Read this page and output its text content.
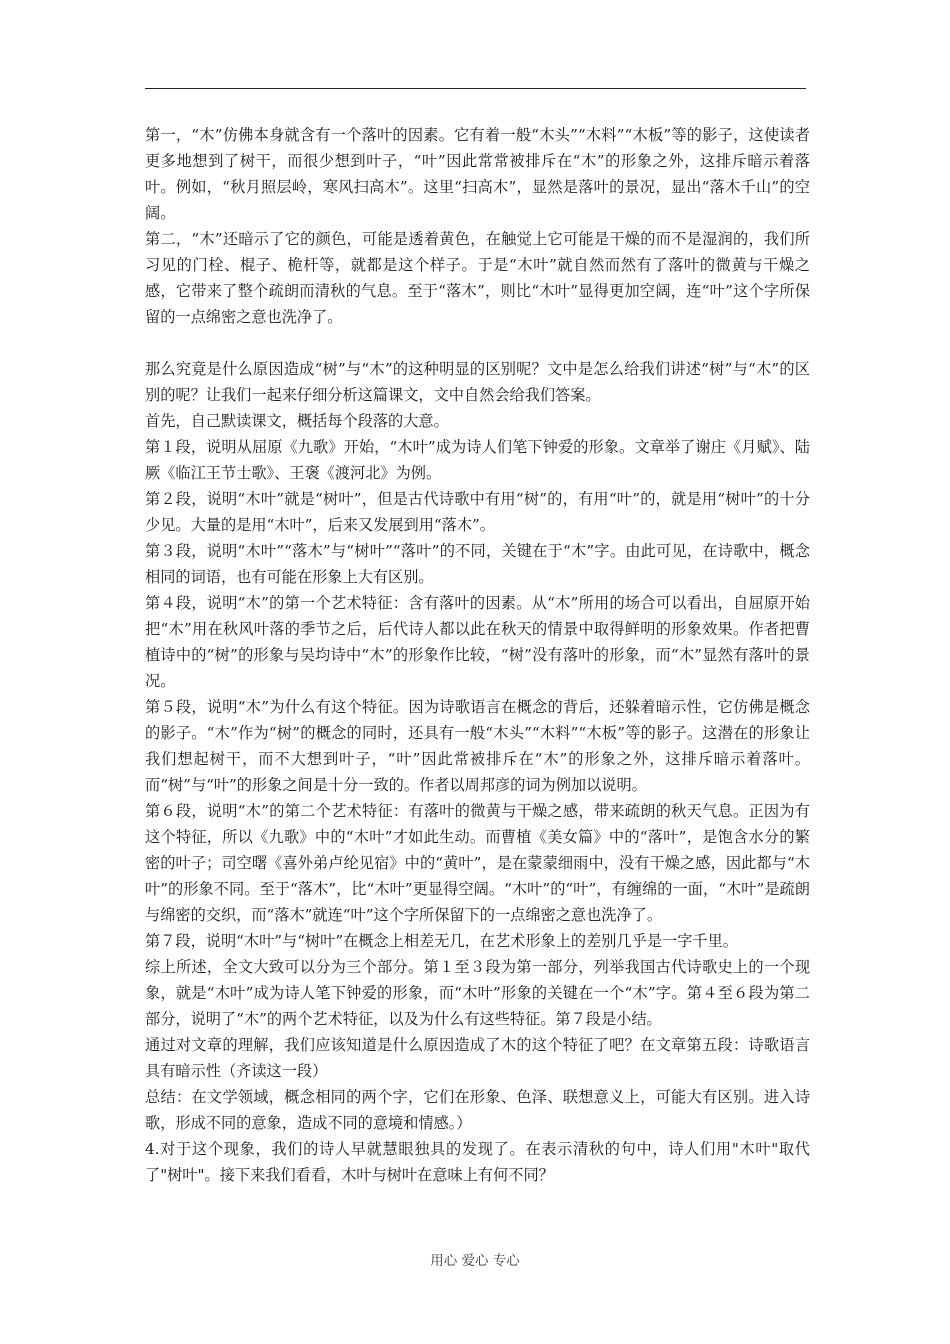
第一，“木”仿佛本身就含有一个落叶的因素。它有着一般“木头”“木料”“木板”等的影子，这使读者更多地想到了树干，而很少想到叶子，“叶”因此常常被排斥在“木”的形象之外，这排斥暗示着落叶。例如，“秋月照层岭，寒风扫高木”。这里“扫高木”，显然是落叶的景况，显出“落木千山”的空阔。

第二，“木”还暗示了它的颜色，可能是透着黄色，在触觉上它可能是干燥的而不是湿润的，我们所习见的门栓、棍子、桅杆等，就都是这个样子。于是“木叶”就自然而然有了落叶的微黄与干燥之感，它带来了整个疏朗而清秋的气息。至于“落木”，则比“木叶”显得更加空阔，连“叶”这个字所保留的一点绵密之意也洗净了。

那么究竟是什么原因造成“树”与“木”的这种明显的区别呢？文中是怎么给我们讲述“树”与“木”的区别的呢？让我们一起来仔细分析这篇课文，文中自然会给我们答案。

首先，自己默读课文，概括每个段落的大意。

第１段，说明从屈原《九歌》开始，“木叶”成为诗人们笔下钟爱的形象。文章举了谢庄《月赋》、陆厥《临江王节士歌》、王褒《渡河北》为例。

第２段，说明“木叶”就是“树叶”，但是古代诗歌中有用“树”的，有用“叶”的，就是用“树叶”的十分少见。大量的是用“木叶”，后来又发展到用“落木”。

第３段，说明“木叶”“落木”与“树叶”“落叶”的不同，关键在于“木”字。由此可见，在诗歌中，概念相同的词语，也有可能在形象上大有区别。

第４段，说明“木”的第一个艺术特征：含有落叶的因素。从“木”所用的场合可以看出，自屈原开始把“木”用在秋风叶落的季节之后，后代诗人都以此在秋天的情景中取得鲜明的形象效果。作者把曹植诗中的“树”的形象与吴均诗中“木”的形象作比较，“树”没有落叶的形象，而“木”显然有落叶的景况。

第５段，说明“木”为什么有这个特征。因为诗歌语言在概念的背后，还躲着暗示性，它仿佛是概念的影子。“木”作为“树”的概念的同时，还具有一般“木头”“木料”“木板”等的影子。这潜在的形象让我们想起树干，而不大想到叶子，“叶”因此常被排斥在“木”的形象之外，这排斥暗示着落叶。而“树”与“叶”的形象之间是十分一致的。作者以周邦彦的词为例加以说明。

第６段，说明“木”的第二个艺术特征：有落叶的微黄与干燥之感，带来疏朗的秋天气息。正因为有这个特征，所以《九歌》中的“木叶”才如此生动。而曹植《美女篇》中的“落叶”，是饱含水分的繁密的叶子；司空曙《喜外弟卢纶见宿》中的“黄叶”，是在蒙蒙细雨中，没有干燥之感，因此都与“木叶”的形象不同。至于“落木”，比“木叶”更显得空阔。“木叶”的“叶”，有缠绵的一面，“木叶”是疏朗与绵密的交织，而“落木”就连“叶”这个字所保留下的一点绵密之意也洗净了。

第７段，说明“木叶”与“树叶”在概念上相差无几，在艺术形象上的差别几乎是一字千里。

综上所述，全文大致可以分为三个部分。第１至３段为第一部分，列举我国古代诗歌史上的一个现象，就是“木叶”成为诗人笔下钟爱的形象，而“木叶”形象的关键在一个“木”字。第４至６段为第二部分，说明了“木”的两个艺术特征，以及为什么有这些特征。第７段是小结。

通过对文章的理解，我们应该知道是什么原因造成了木的这个特征了吧？在文章第五段：诗歌语言具有暗示性（齐读这一段）

总结：在文学领域，概念相同的两个字，它们在形象、色泽、联想意义上，可能大有区别。进入诗歌，形成不同的意象，造成不同的意境和情感。）

4.对于这个现象，我们的诗人早就慧眼独具的发现了。在表示清秋的句中，诗人们用"木叶"取代了"树叶"。接下来我们看看，木叶与树叶在意味上有何不同？

用心 爱心 专心
